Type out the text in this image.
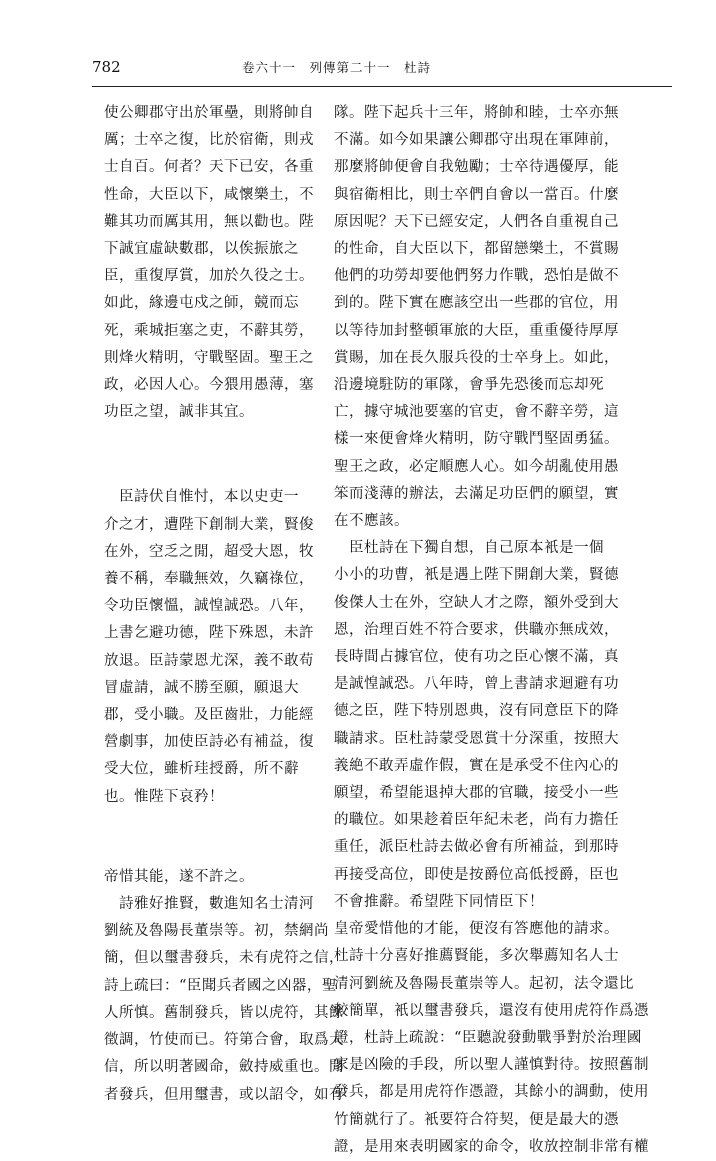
782	卷六十一　列傳第二十一　杜詩

使公卿郡守出於軍壘，則將帥自

厲；士卒之復，比於宿衛，則戎

士自百。何者？天下已安，各重

性命，大臣以下，咸懷樂土，不

難其功而厲其用，無以勸也。陛

下誠宜虛缺數郡，以俟振旅之

臣，重復厚賞，加於久役之士。

如此，緣邊屯戍之師，競而忘

死，乘城拒塞之吏，不辭其勞，

則烽火精明，守戰堅固。聖王之

政，必因人心。今猥用愚薄，塞

功臣之望，誠非其宜。

　臣詩伏自惟忖，本以史吏一

介之才，遭陛下創制大業，賢俊

在外，空乏之閒，超受大恩，牧

養不稱，奉職無效，久竊祿位，

令功臣懷慍，誠惶誠恐。八年，

上書乞避功德，陛下殊恩，未許

放退。臣詩蒙恩尤深，義不敢苟

冒虛請，誠不勝至願，願退大

郡，受小職。及臣齒壯，力能經

營劇事，加使臣詩必有補益，復

受大位，雖析珪授爵，所不辭

也。惟陛下哀矜！

帝惜其能，遂不許之。

　詩雅好推賢，數進知名士清河

劉統及魯陽長董崇等。初，禁網尚

簡，但以璽書發兵，未有虎符之信，

詩上疏曰：“臣聞兵者國之凶器，聖

人所慎。舊制發兵，皆以虎符，其餘

徵調，竹使而已。符第合會，取爲大

信，所以明著國命，斂持威重也。閒

者發兵，但用璽書，或以詔令，如有

隊。陛下起兵十三年，將帥和睦，士卒亦無

不滿。如今如果讓公卿郡守出現在軍陣前，

那麼將帥便會自我勉勵；士卒待遇優厚，能

與宿衛相比，則士卒們自會以一當百。什麼

原因呢？天下已經安定，人們各自重視自己

的性命，自大臣以下，都留戀樂土，不賞賜

他們的功勞却要他們努力作戰，恐怕是做不

到的。陛下實在應該空出一些郡的官位，用

以等待加封整頓軍旅的大臣，重重優待厚厚

賞賜，加在長久服兵役的士卒身上。如此，

沿邊境駐防的軍隊，會爭先恐後而忘却死

亡，據守城池要塞的官吏，會不辭辛勞，這

樣一來便會烽火精明，防守戰鬥堅固勇猛。

聖王之政，必定順應人心。如今胡亂使用愚

笨而淺薄的辦法，去滿足功臣們的願望，實

在不應該。

　臣杜詩在下獨自想，自己原本衹是一個

小小的功曹，衹是遇上陛下開創大業，賢德

俊傑人士在外，空缺人才之際，額外受到大

恩，治理百姓不符合要求，供職亦無成效，

長時間占據官位，使有功之臣心懷不滿，真

是誠惶誠恐。八年時，曾上書請求迴避有功

德之臣，陛下特別恩典，沒有同意臣下的降

職請求。臣杜詩蒙受恩賞十分深重，按照大

義絶不敢弄虛作假，實在是承受不住內心的

願望，希望能退掉大郡的官職，接受小一些

的職位。如果趁着臣年紀未老，尚有力擔任

重任，派臣杜詩去做必會有所補益，到那時

再接受高位，即使是按爵位高低授爵，臣也

不會推辭。希望陛下同情臣下！

皇帝愛惜他的才能，便沒有答應他的請求。

杜詩十分喜好推薦賢能，多次舉薦知名人士

清河劉統及魯陽長董崇等人。起初，法令還比

較簡單，衹以璽書發兵，還沒有使用虎符作爲憑

證，杜詩上疏說：“臣聽說發動戰爭對於治理國

家是凶險的手段，所以聖人謹慎對待。按照舊制

發兵，都是用虎符作憑證，其餘小的調動，使用

竹簡就行了。衹要符合符契，便是最大的憑

證，是用來表明國家的命令，收放控制非常有權
